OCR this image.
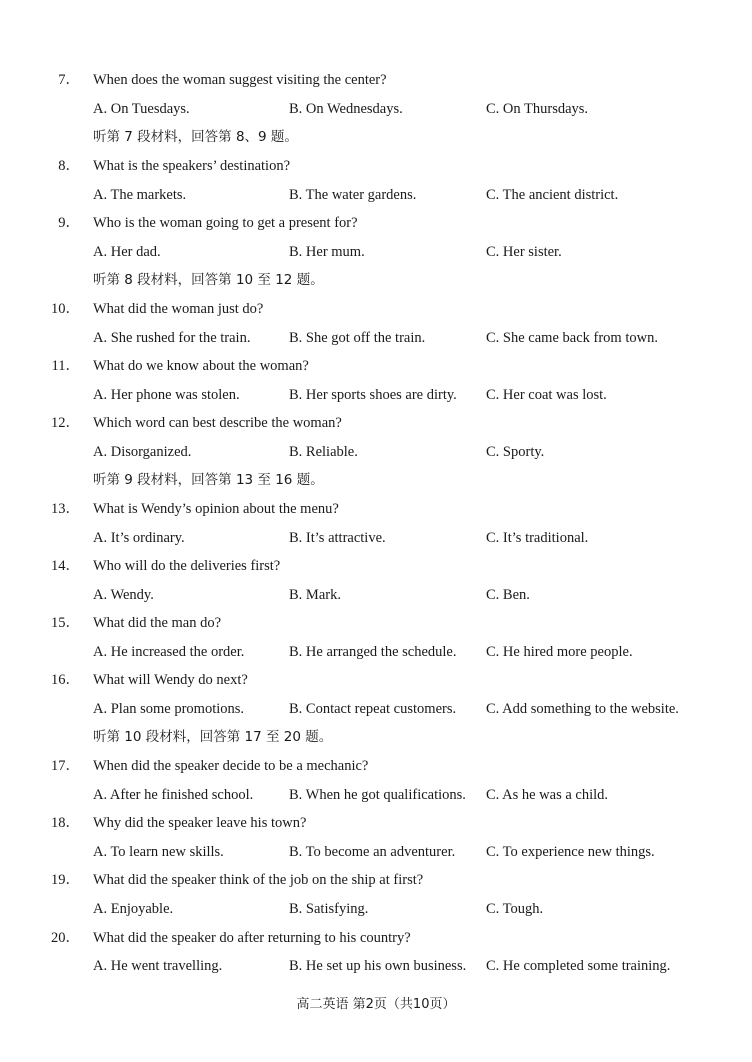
7． When does the woman suggest visiting the center?
A. On Tuesdays.	B. On Wednesdays.	C. On Thursdays.
听第 7 段材料，回答第 8、9 题。
8． What is the speakers’ destination?
A. The markets.	B. The water gardens.	C. The ancient district.
9． Who is the woman going to get a present for?
A. Her dad.	B. Her mum.	C. Her sister.
听第 8 段材料，回答第 10 至 12 题。
10． What did the woman just do?
A. She rushed for the train.	B. She got off the train.	C. She came back from town.
11． What do we know about the woman?
A. Her phone was stolen.	B. Her sports shoes are dirty. C. Her coat was lost.
12． Which word can best describe the woman?
A. Disorganized.	B. Reliable.	C. Sporty.
听第 9 段材料，回答第 13 至 16 题。
13． What is Wendy’s opinion about the menu?
A. It’s ordinary.	B. It’s attractive.	C. It’s traditional.
14． Who will do the deliveries first?
A. Wendy.	B. Mark.	C. Ben.
15． What did the man do?
A. He increased the order.	B. He arranged the schedule. C. He hired more people.
16． What will Wendy do next?
A. Plan some promotions.	B. Contact repeat customers. C. Add something to the website.
听第 10 段材料，回答第 17 至 20 题。
17． When did the speaker decide to be a mechanic?
A. After he finished school. B. When he got qualifications. C. As he was a child.
18． Why did the speaker leave his town?
A. To learn new skills.	B. To become an adventurer. C. To experience new things.
19． What did the speaker think of the job on the ship at first?
A. Enjoyable.	B. Satisfying.	C. Tough.
20． What did the speaker do after returning to his country?
A. He went travelling.	B. He set up his own business. C. He completed some training.
高二英语 第2页（共10页）
